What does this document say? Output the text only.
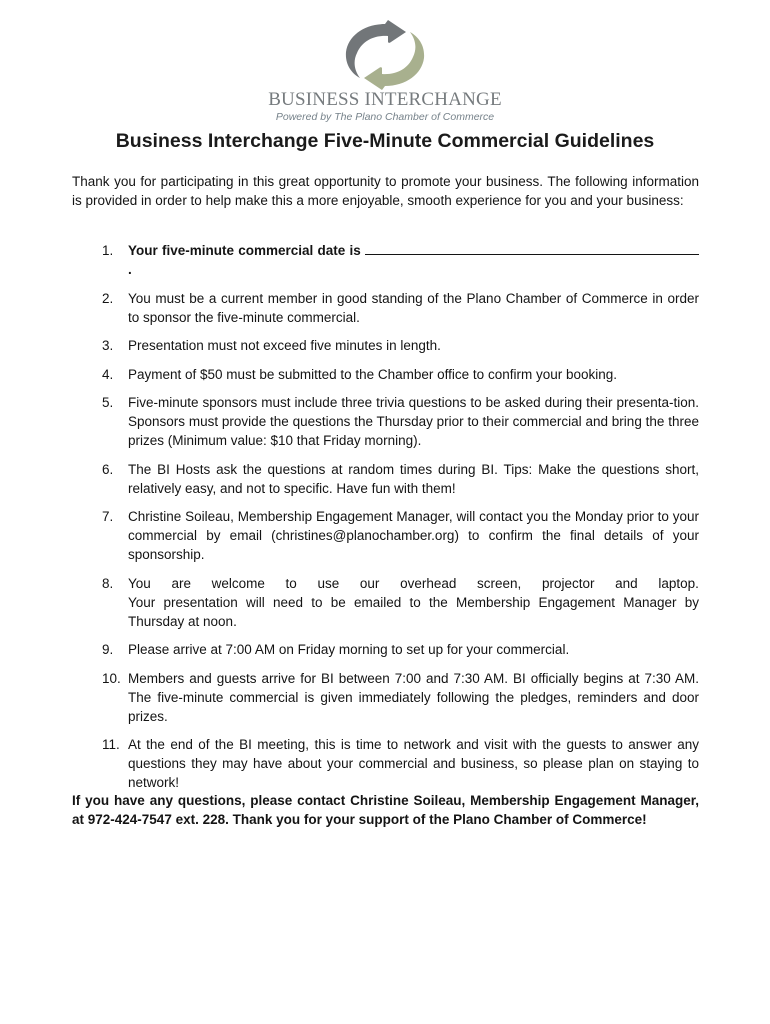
BUSINESS INTERCHANGE
Powered by The Plano Chamber of Commerce
Business Interchange Five-Minute Commercial Guidelines

Thank you for participating in this great opportunity to promote your business. The following information is provided in order to help make this a more enjoyable, smooth experience for you and your business:

1.	Your five-minute commercial date is .
2.	You must be a current member in good standing of the Plano Chamber of Commerce in order to sponsor the five-minute commercial.
3.	Presentation must not exceed five minutes in length.
4.	Payment of $50 must be submitted to the Chamber office to confirm your booking.
5.	Five-minute sponsors must include three trivia questions to be asked during their presenta-tion. Sponsors must provide the questions the Thursday prior to their commercial and bring the three prizes (Minimum value: $10 that Friday morning).
6.	The BI Hosts ask the questions at random times during BI. Tips: Make the questions short, relatively easy, and not to specific. Have fun with them!
7.	Christine Soileau, Membership Engagement Manager, will contact you the Monday prior to your commercial by email (christines@planochamber.org) to confirm the final details of your sponsorship.
8.	You are welcome to use our overhead screen, projector and laptop.
Your presentation will need to be emailed to the Membership Engagement Manager by Thursday at noon.
9.	Please arrive at 7:00 AM on Friday morning to set up for your commercial.
10. Members and guests arrive for BI between 7:00 and 7:30 AM. BI officially begins at 7:30 AM. The five-minute commercial is given immediately following the pledges, reminders and door prizes.
11. At the end of the BI meeting, this is time to network and visit with the guests to answer any questions they may have about your commercial and business, so please plan on staying to network!

If you have any questions, please contact Christine Soileau, Membership Engagement Manager, at 972-424-7547 ext. 228. Thank you for your support of the Plano Chamber of Commerce!
